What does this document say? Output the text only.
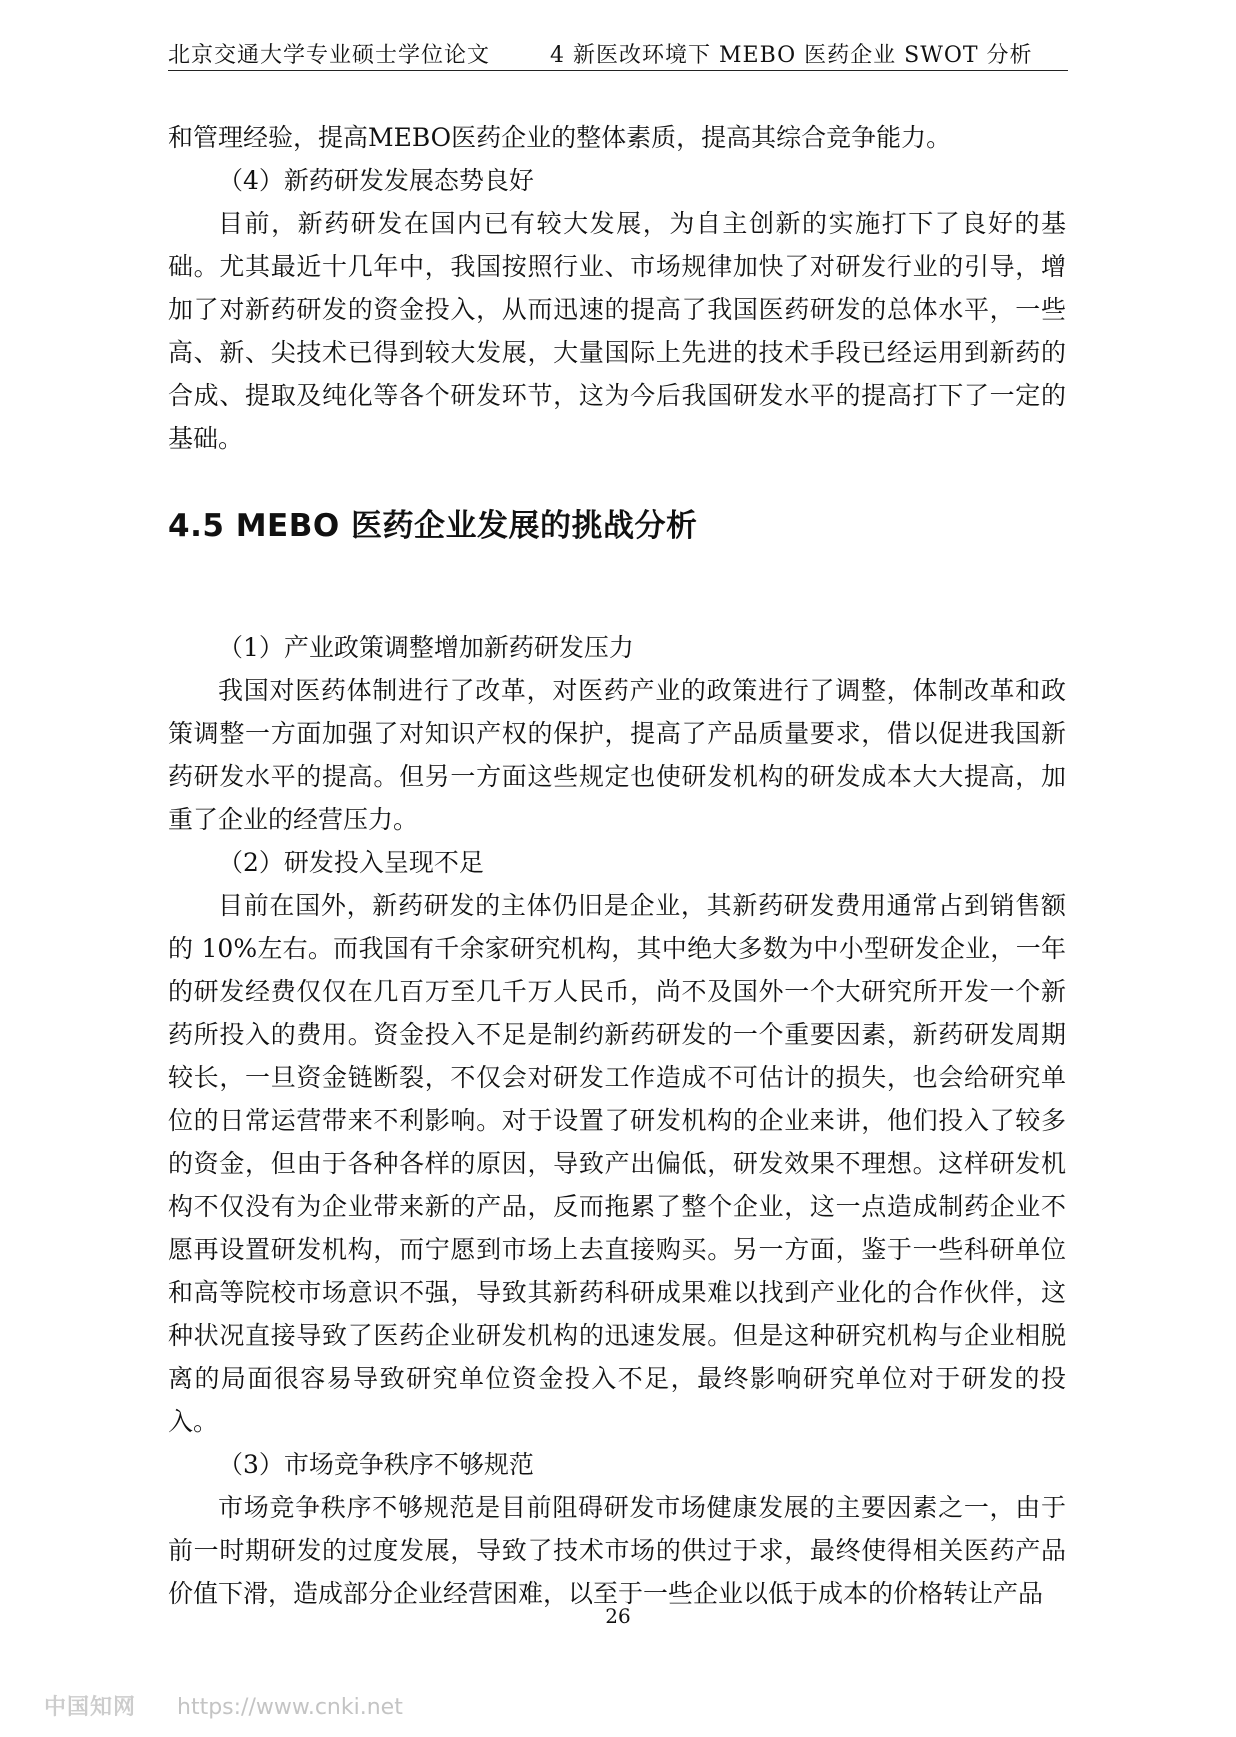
北京交通大学专业硕士学位论文	4 新医改环境下 MEBO 医药企业 SWOT 分析

和管理经验，提高MEBO医药企业的整体素质，提高其综合竞争能力。

（4）新药研发发展态势良好

目前，新药研发在国内已有较大发展，为自主创新的实施打下了良好的基础。尤其最近十几年中，我国按照行业、市场规律加快了对研发行业的引导，增加了对新药研发的资金投入，从而迅速的提高了我国医药研发的总体水平，一些高、新、尖技术已得到较大发展，大量国际上先进的技术手段已经运用到新药的合成、提取及纯化等各个研发环节，这为今后我国研发水平的提高打下了一定的基础。

4.5 MEBO 医药企业发展的挑战分析

（1）产业政策调整增加新药研发压力

我国对医药体制进行了改革，对医药产业的政策进行了调整，体制改革和政策调整一方面加强了对知识产权的保护，提高了产品质量要求，借以促进我国新药研发水平的提高。但另一方面这些规定也使研发机构的研发成本大大提高，加重了企业的经营压力。

（2）研发投入呈现不足

目前在国外，新药研发的主体仍旧是企业，其新药研发费用通常占到销售额的 10%左右。而我国有千余家研究机构，其中绝大多数为中小型研发企业，一年的研发经费仅仅在几百万至几千万人民币，尚不及国外一个大研究所开发一个新药所投入的费用。资金投入不足是制约新药研发的一个重要因素，新药研发周期较长，一旦资金链断裂，不仅会对研发工作造成不可估计的损失，也会给研究单位的日常运营带来不利影响。对于设置了研发机构的企业来讲，他们投入了较多的资金，但由于各种各样的原因，导致产出偏低，研发效果不理想。这样研发机构不仅没有为企业带来新的产品，反而拖累了整个企业，这一点造成制药企业不愿再设置研发机构，而宁愿到市场上去直接购买。另一方面，鉴于一些科研单位和高等院校市场意识不强，导致其新药科研成果难以找到产业化的合作伙伴，这种状况直接导致了医药企业研发机构的迅速发展。但是这种研究机构与企业相脱离的局面很容易导致研究单位资金投入不足，最终影响研究单位对于研发的投入。

（3）市场竞争秩序不够规范

市场竞争秩序不够规范是目前阻碍研发市场健康发展的主要因素之一，由于前一时期研发的过度发展，导致了技术市场的供过于求，最终使得相关医药产品价值下滑，造成部分企业经营困难，以至于一些企业以低于成本的价格转让产品

26
中国知网 https://www.cnki.net
